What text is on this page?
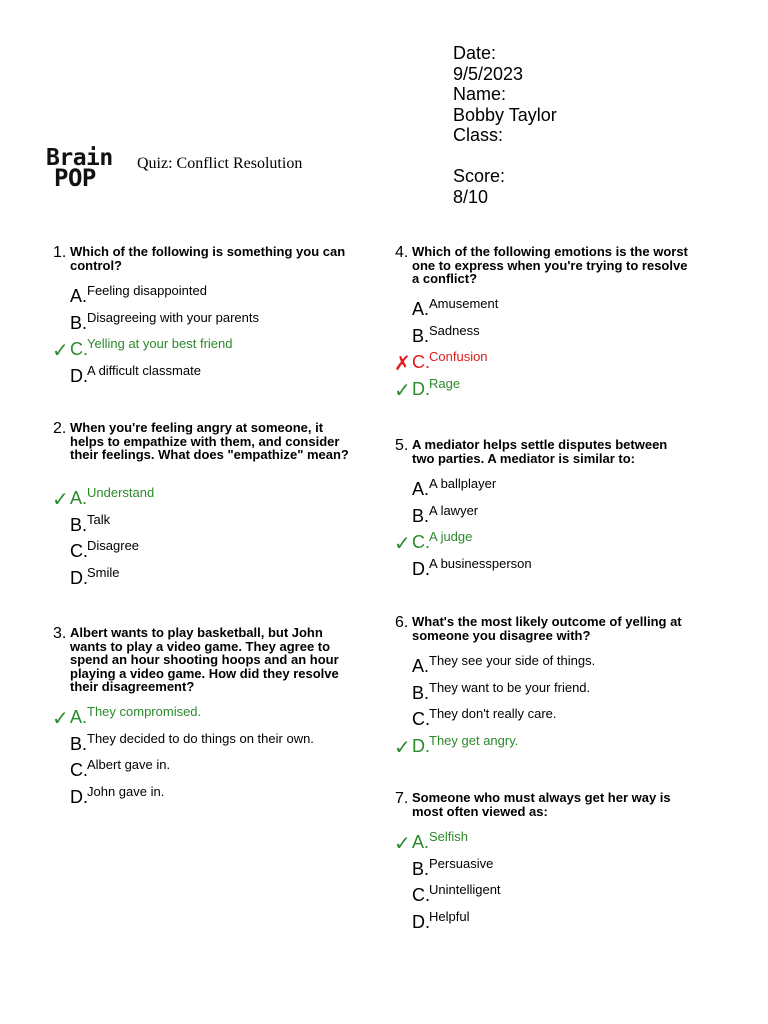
Date:
9/5/2023
Name:
Bobby Taylor
Class:
Score:
8/10
Brain
POP
Quiz: Conflict Resolution
1. Which of the following is something you can control?
A. Feeling disappointed
B. Disagreeing with your parents
✓ C. Yelling at your best friend
D. A difficult classmate
2. When you're feeling angry at someone, it helps to empathize with them, and consider their feelings. What does "empathize" mean?
✓ A. Understand
B. Talk
C. Disagree
D. Smile
3. Albert wants to play basketball, but John wants to play a video game. They agree to spend an hour shooting hoops and an hour playing a video game. How did they resolve their disagreement?
✓ A. They compromised.
B. They decided to do things on their own.
C. Albert gave in.
D. John gave in.
4. Which of the following emotions is the worst one to express when you're trying to resolve a conflict?
A. Amusement
B. Sadness
✗ C. Confusion
✓ D. Rage
5. A mediator helps settle disputes between two parties. A mediator is similar to:
A. A ballplayer
B. A lawyer
✓ C. A judge
D. A businessperson
6. What's the most likely outcome of yelling at someone you disagree with?
A. They see your side of things.
B. They want to be your friend.
C. They don't really care.
✓ D. They get angry.
7. Someone who must always get her way is most often viewed as:
✓ A. Selfish
B. Persuasive
C. Unintelligent
D. Helpful
